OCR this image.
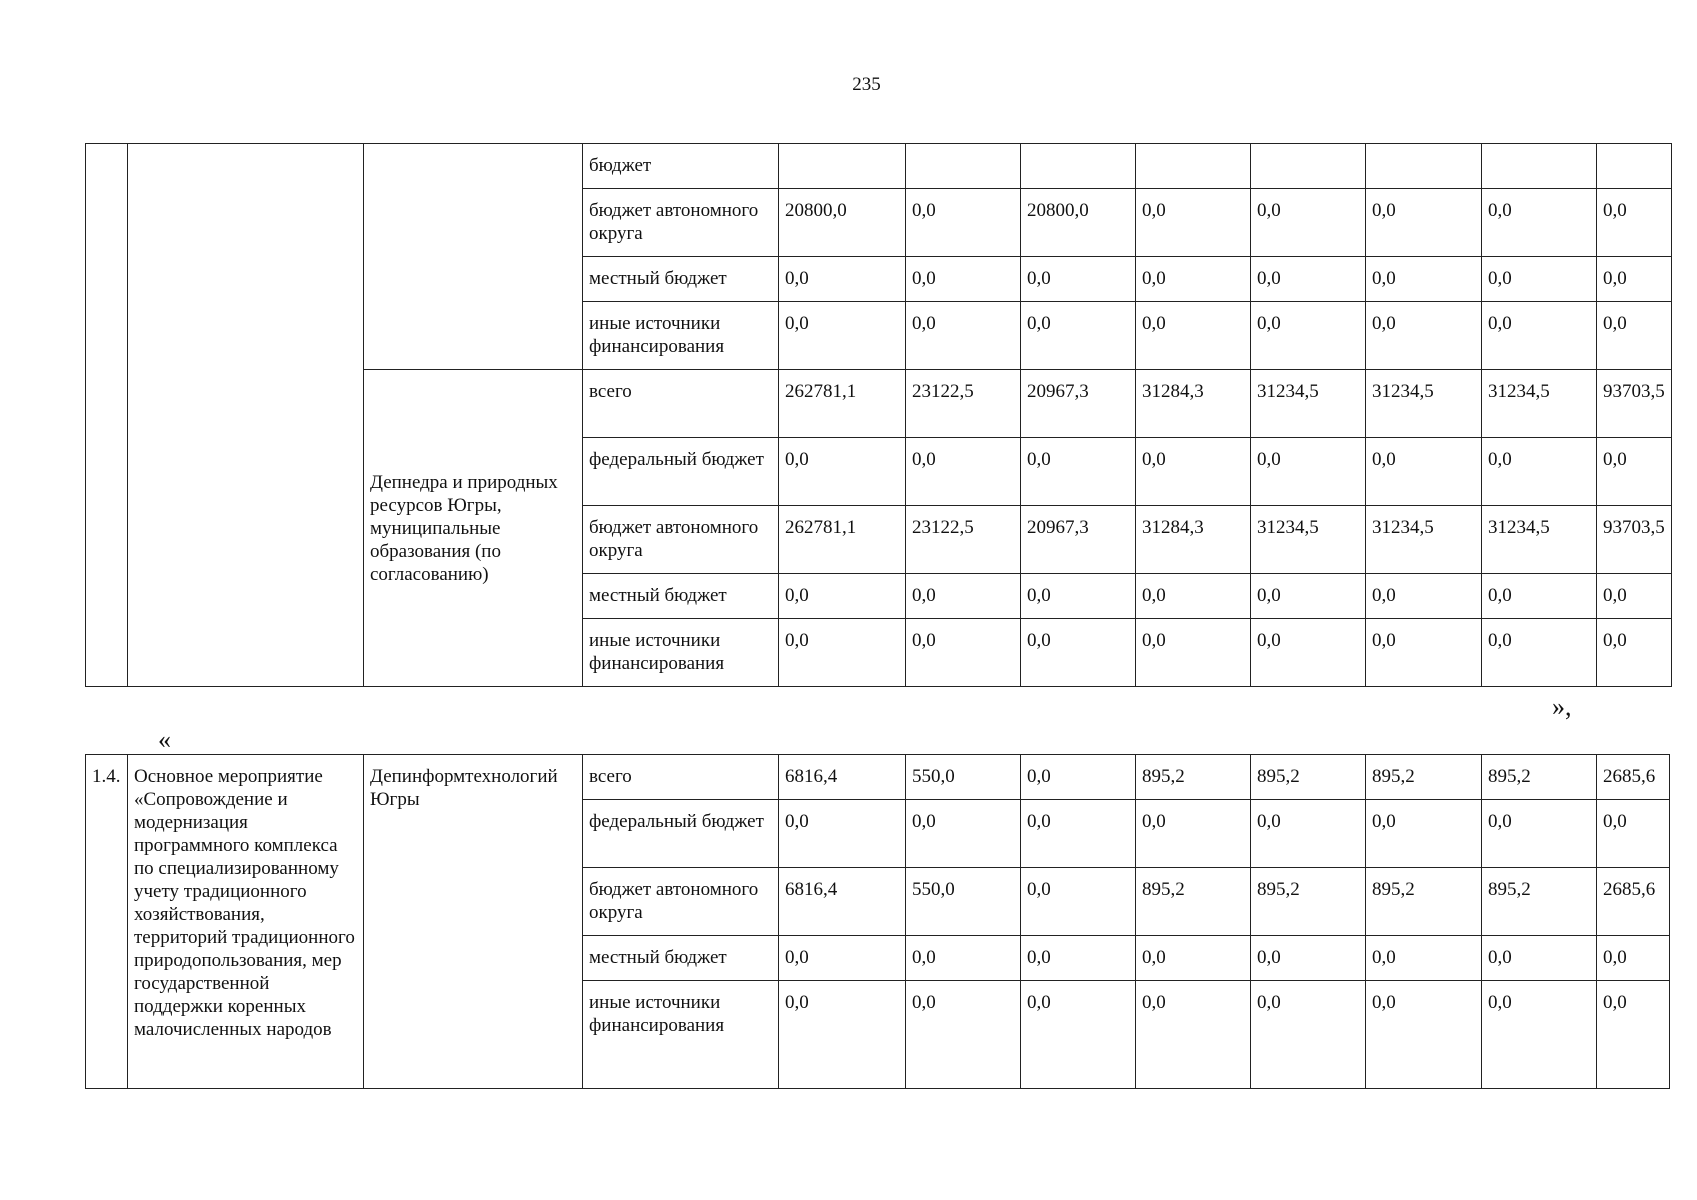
235
			бюджет								
			бюджет автономного округа	20800,0	0,0	20800,0	0,0	0,0	0,0	0,0	0,0
			местный бюджет	0,0	0,0	0,0	0,0	0,0	0,0	0,0	0,0
			иные источники финансирования	0,0	0,0	0,0	0,0	0,0	0,0	0,0	0,0
		Депнедра и природных ресурсов Югры, муниципальные образования (по согласованию)	всего	262781,1	23122,5	20967,3	31284,3	31234,5	31234,5	31234,5	93703,5
			федеральный бюджет	0,0	0,0	0,0	0,0	0,0	0,0	0,0	0,0
			бюджет автономного округа	262781,1	23122,5	20967,3	31284,3	31234,5	31234,5	31234,5	93703,5
			местный бюджет	0,0	0,0	0,0	0,0	0,0	0,0	0,0	0,0
			иные источники финансирования	0,0	0,0	0,0	0,0	0,0	0,0	0,0	0,0
»,
«
1.4.	Основное мероприятие «Сопровождение и модернизация программного комплекса по специализированному учету традиционного хозяйствования, территорий традиционного природопользования, мер государственной поддержки коренных малочисленных народов	Депинформтехнологий Югры	всего	6816,4	550,0	0,0	895,2	895,2	895,2	895,2	2685,6
			федеральный бюджет	0,0	0,0	0,0	0,0	0,0	0,0	0,0	0,0
			бюджет автономного округа	6816,4	550,0	0,0	895,2	895,2	895,2	895,2	2685,6
			местный бюджет	0,0	0,0	0,0	0,0	0,0	0,0	0,0	0,0
			иные источники финансирования	0,0	0,0	0,0	0,0	0,0	0,0	0,0	0,0
